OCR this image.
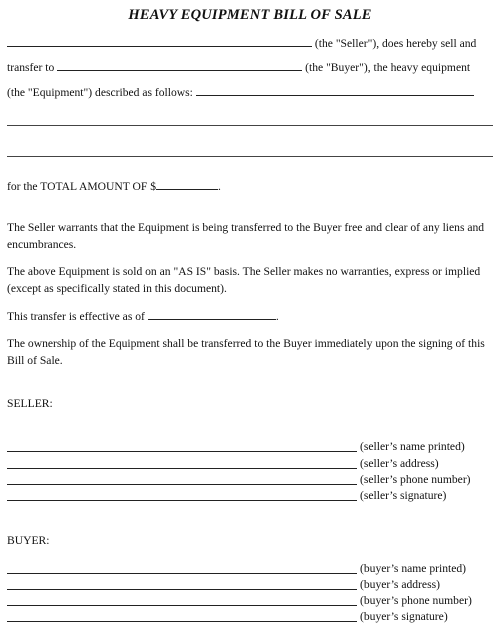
HEAVY EQUIPMENT BILL OF SALE
(the "Seller"), does hereby sell and
transfer to	(the "Buyer"), the heavy equipment
(the "Equipment") described as follows:
for the TOTAL AMOUNT OF $	.
The Seller warrants that the Equipment is being transferred to the Buyer free and clear of any liens and encumbrances.
The above Equipment is sold on an "AS IS" basis. The Seller makes no warranties, express or implied (except as specifically stated in this document).
This transfer is effective as of	.
The ownership of the Equipment shall be transferred to the Buyer immediately upon the signing of this Bill of Sale.
SELLER:
(seller’s name printed)
(seller’s address)
(seller’s phone number)
(seller’s signature)
BUYER:
(buyer’s name printed)
(buyer’s address)
(buyer’s phone number)
(buyer’s signature)
